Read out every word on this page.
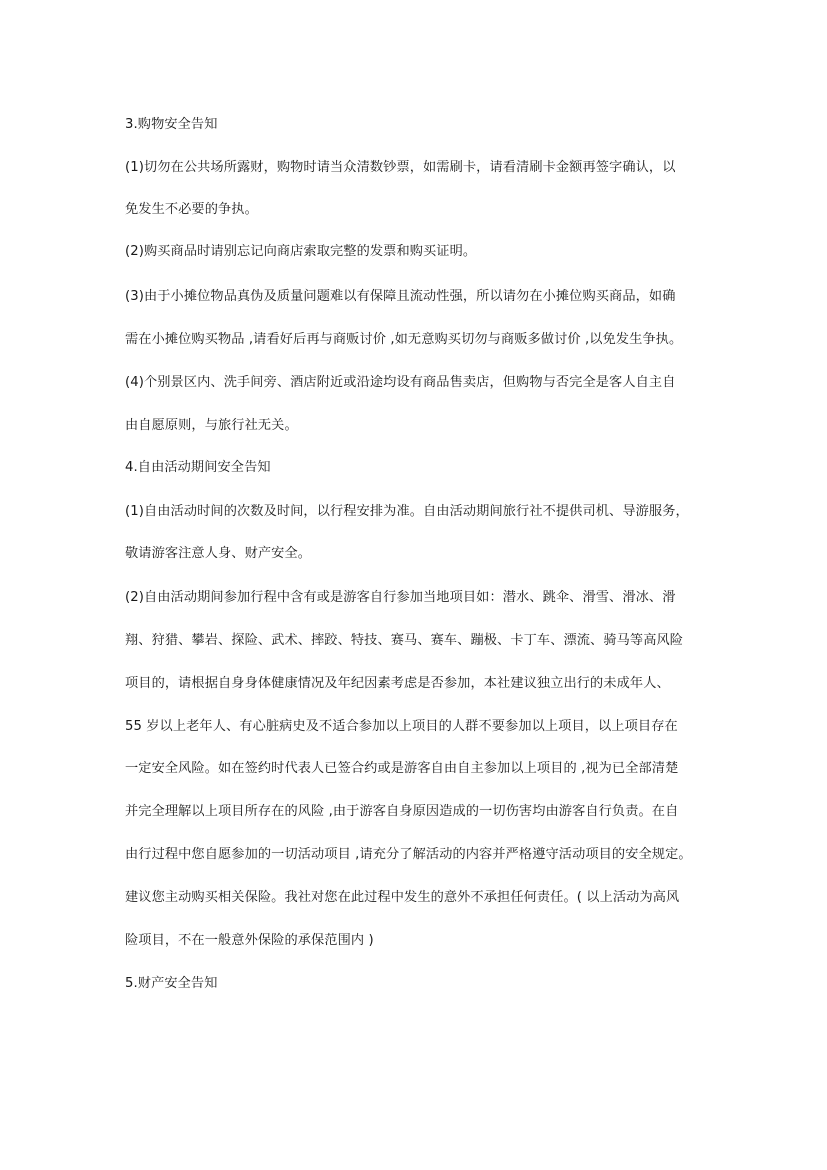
3.购物安全告知
(1)切勿在公共场所露财，购物时请当众清数钞票，如需刷卡，请看清刷卡金额再签字确认，以
免发生不必要的争执。
(2)购买商品时请别忘记向商店索取完整的发票和购买证明。
(3)由于小摊位物品真伪及质量问题难以有保障且流动性强，所以请勿在小摊位购买商品，如确
需在小摊位购买物品 ,请看好后再与商贩讨价 ,如无意购买切勿与商贩多做讨价 ,以免发生争执。
(4)个别景区内、洗手间旁、酒店附近或沿途均设有商品售卖店，但购物与否完全是客人自主自
由自愿原则，与旅行社无关。
4.自由活动期间安全告知
(1)自由活动时间的次数及时间，以行程安排为准。自由活动期间旅行社不提供司机、导游服务，
敬请游客注意人身、财产安全。
(2)自由活动期间参加行程中含有或是游客自行参加当地项目如：潜水、跳伞、滑雪、滑冰、滑
翔、狩猎、攀岩、探险、武术、摔跤、特技、赛马、赛车、蹦极、卡丁车、漂流、骑马等高风险
项目的，请根据自身身体健康情况及年纪因素考虑是否参加，本社建议独立出行的未成年人、
55 岁以上老年人、有心脏病史及不适合参加以上项目的人群不要参加以上项目，以上项目存在
一定安全风险。如在签约时代表人已签合约或是游客自由自主参加以上项目的 ,视为已全部清楚
并完全理解以上项目所存在的风险 ,由于游客自身原因造成的一切伤害均由游客自行负责。在自
由行过程中您自愿参加的一切活动项目 ,请充分了解活动的内容并严格遵守活动项目的安全规定。
建议您主动购买相关保险。我社对您在此过程中发生的意外不承担任何责任。( 以上活动为高风
险项目，不在一般意外保险的承保范围内 )
5.财产安全告知
